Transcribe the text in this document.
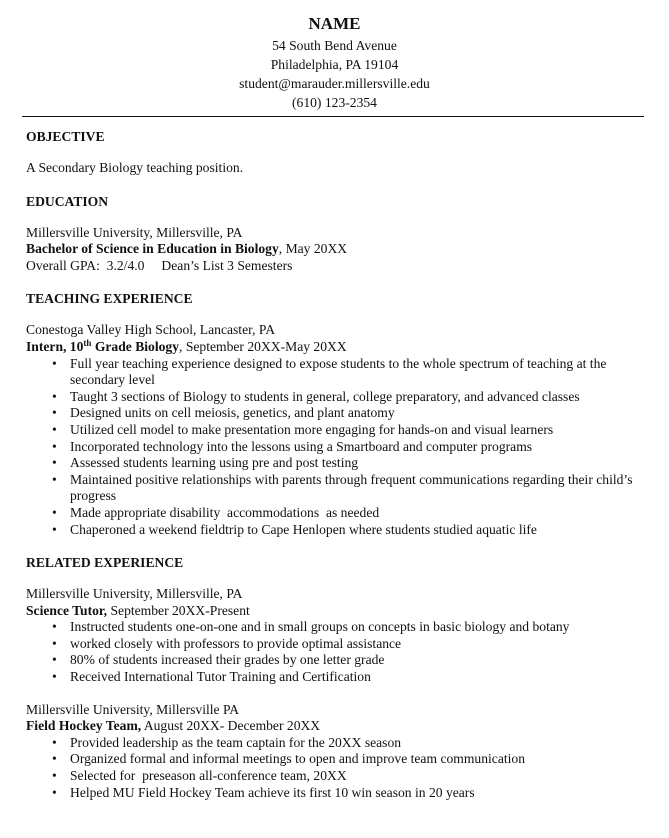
NAME
54 South Bend Avenue
Philadelphia, PA 19104
student@marauder.millersville.edu
(610) 123-2354
OBJECTIVE
A Secondary Biology teaching position.
EDUCATION
Millersville University, Millersville, PA
Bachelor of Science in Education in Biology, May 20XX
Overall GPA:  3.2/4.0     Dean’s List 3 Semesters
TEACHING EXPERIENCE
Conestoga Valley High School, Lancaster, PA
Intern, 10th Grade Biology, September 20XX-May 20XX
• Full year teaching experience designed to expose students to the whole spectrum of teaching at the secondary level
• Taught 3 sections of Biology to students in general, college preparatory, and advanced classes
• Designed units on cell meiosis, genetics, and plant anatomy
• Utilized cell model to make presentation more engaging for hands-on and visual learners
• Incorporated technology into the lessons using a Smartboard and computer programs
• Assessed students learning using pre and post testing
• Maintained positive relationships with parents through frequent communications regarding their child’s progress
• Made appropriate disability  accommodations  as needed
• Chaperoned a weekend fieldtrip to Cape Henlopen where students studied aquatic life
RELATED EXPERIENCE
Millersville University, Millersville, PA
Science Tutor, September 20XX-Present
• Instructed students one-on-one and in small groups on concepts in basic biology and botany
• worked closely with professors to provide optimal assistance
• 80% of students increased their grades by one letter grade
• Received International Tutor Training and Certification
Millersville University, Millersville PA
Field Hockey Team, August 20XX- December 20XX
• Provided leadership as the team captain for the 20XX season
• Organized formal and informal meetings to open and improve team communication
• Selected for  preseason all-conference team, 20XX
• Helped MU Field Hockey Team achieve its first 10 win season in 20 years
